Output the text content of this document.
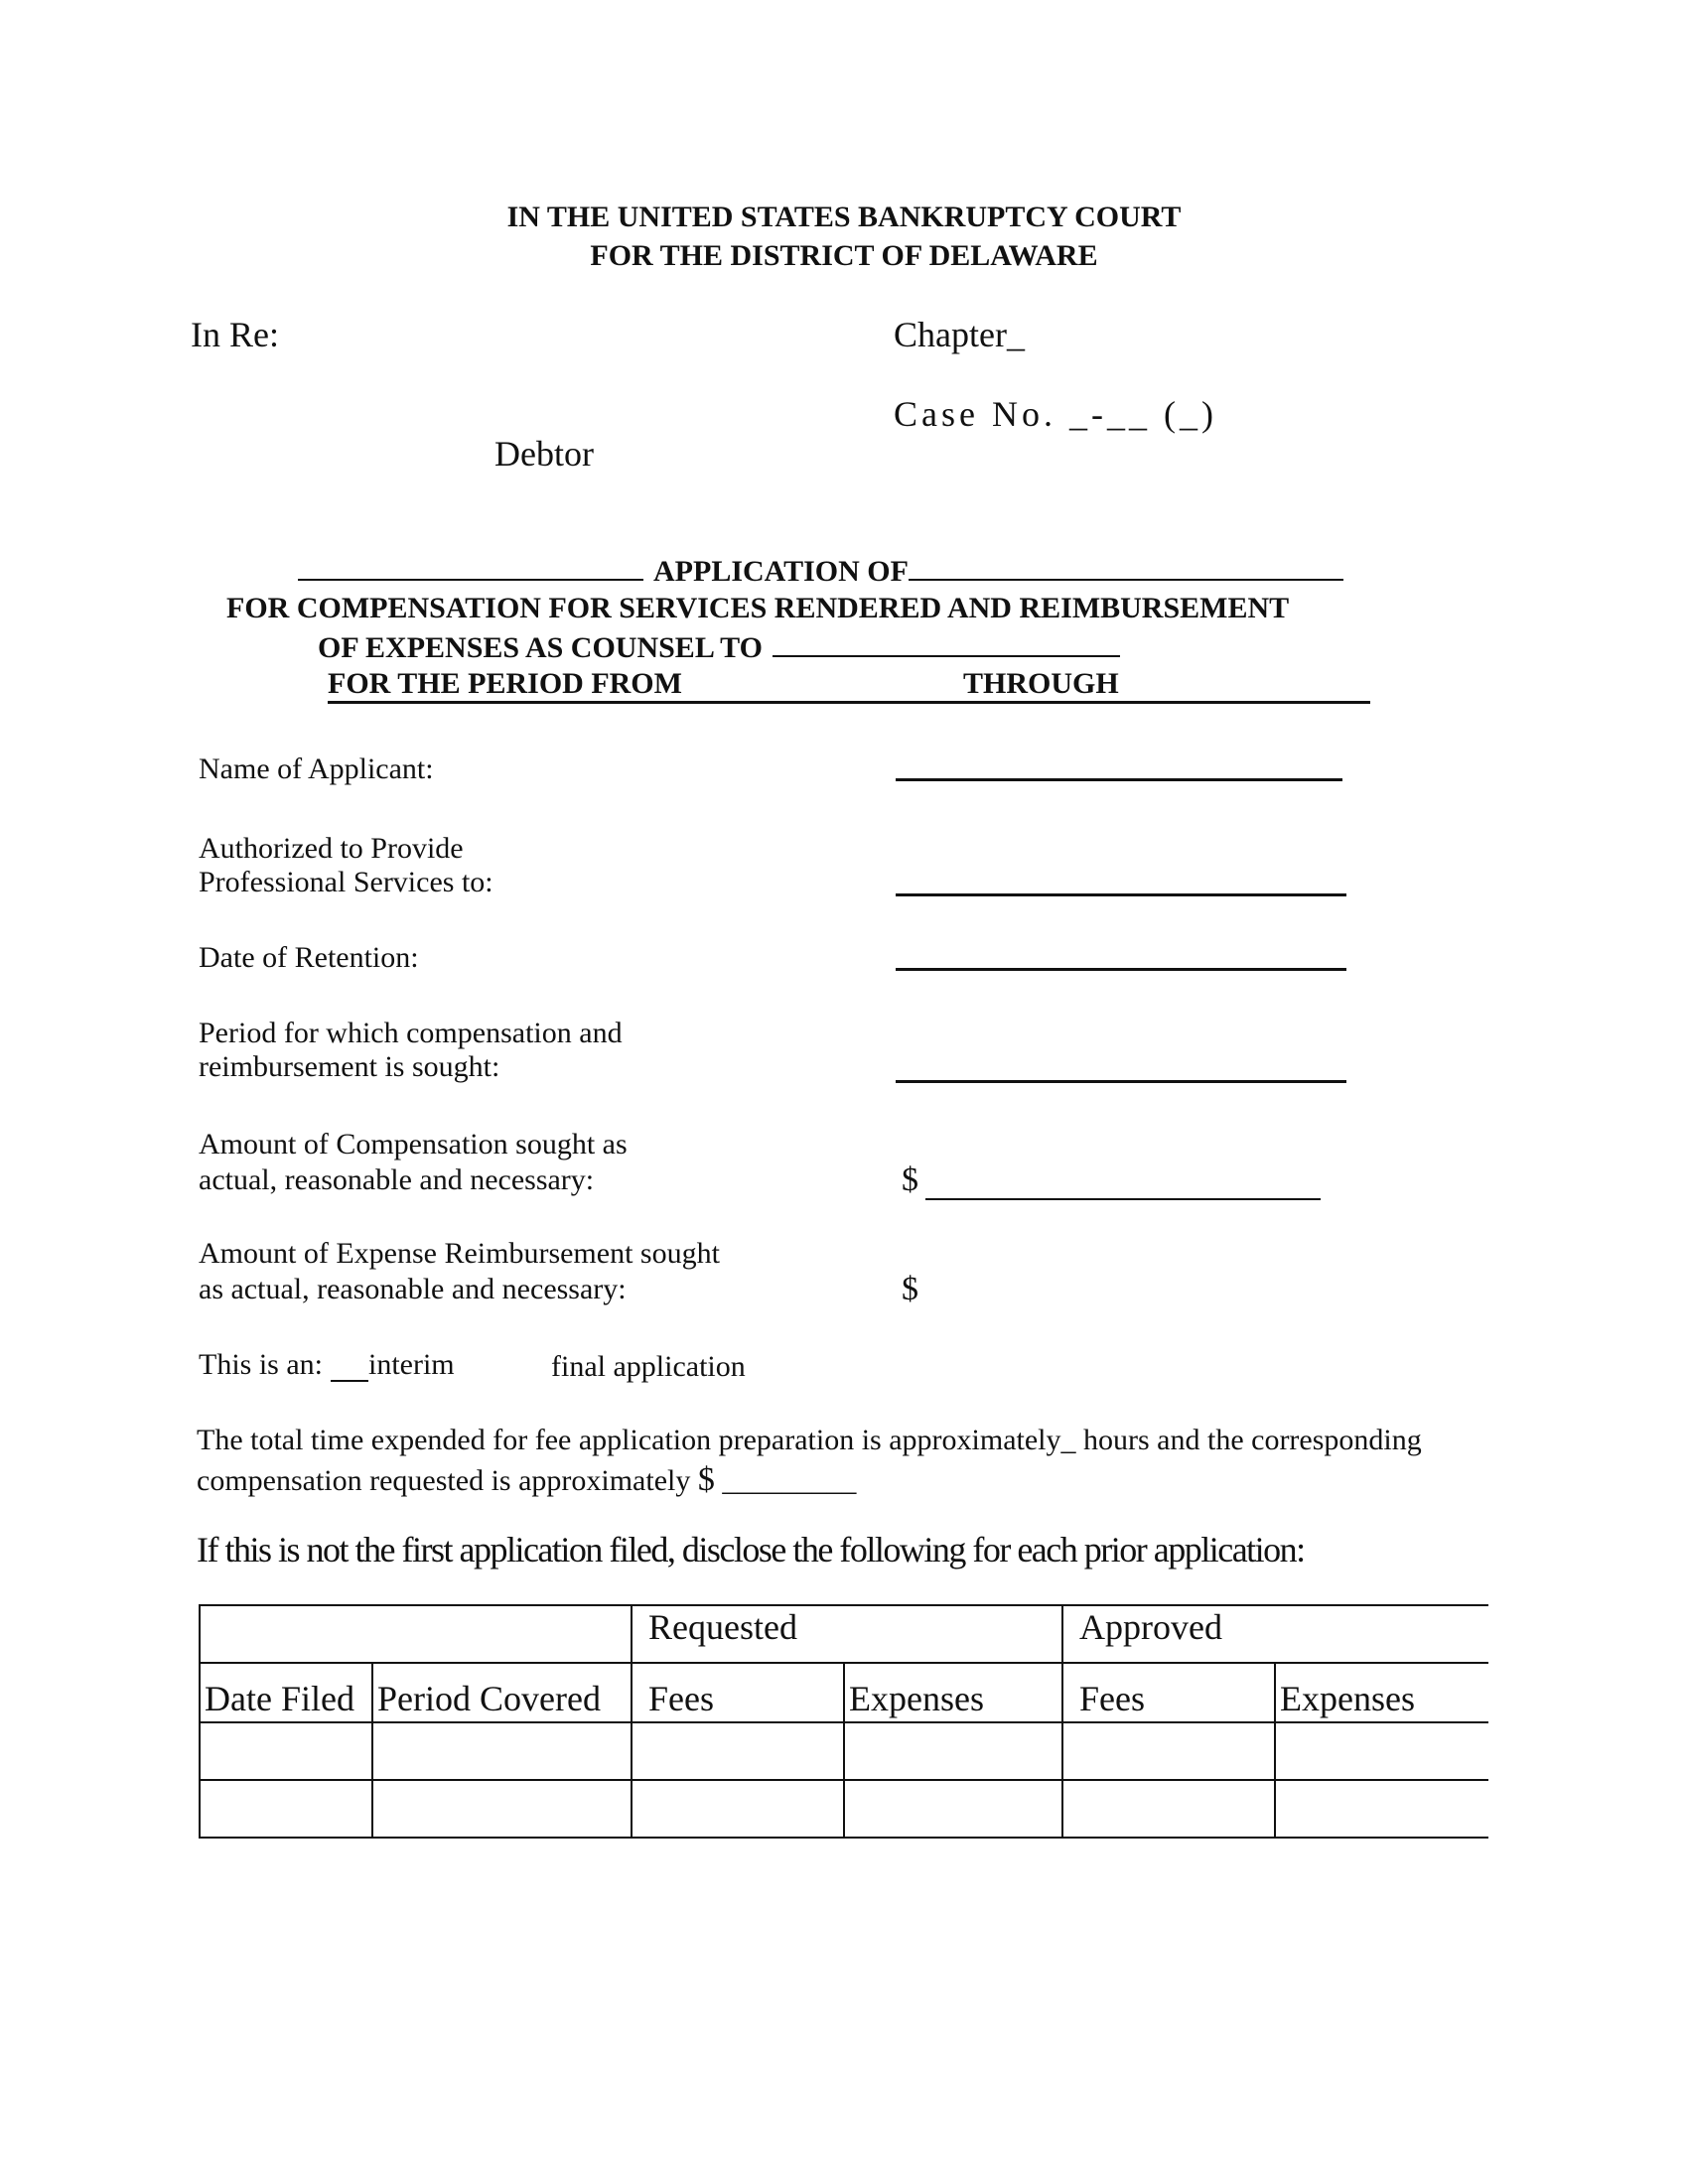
IN THE UNITED STATES BANKRUPTCY COURT
FOR THE DISTRICT OF DELAWARE
In Re:	Chapter_
Case No. _-__ (_)
Debtor
APPLICATION OF
FOR COMPENSATION FOR SERVICES RENDERED AND REIMBURSEMENT
OF EXPENSES AS COUNSEL TO
FOR THE PERIOD FROM	THROUGH
Name of Applicant:
Authorized to Provide
Professional Services to:
Date of Retention:
Period for which compensation and
reimbursement is sought:
Amount of Compensation sought as
actual, reasonable and necessary:	$
Amount of Expense Reimbursement sought
as actual, reasonable and necessary:	$
This is an:	interim	final application
The total time expended for fee application preparation is approximately_ hours and the corresponding
compensation requested is approximately $ _________
If this is not the first application filed, disclose the following for each prior application:
		Requested		Approved	
Date Filed	Period Covered	Fees	Expenses	Fees	Expenses
